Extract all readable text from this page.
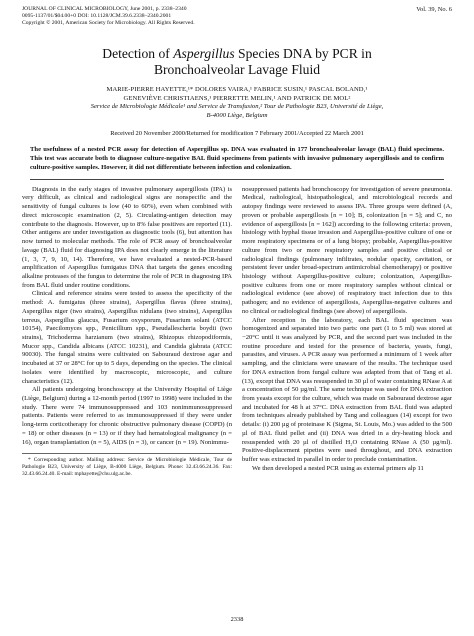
JOURNAL OF CLINICAL MICROBIOLOGY, June 2001, p. 2338–2340
0095-1137/01/$04.00+0 DOI: 10.1128/JCM.39.6.2338–2340.2001
Copyright © 2001, American Society for Microbiology. All Rights Reserved.
Vol. 39, No. 6
Detection of Aspergillus Species DNA by PCR in
Bronchoalveolar Lavage Fluid
MARIE-PIERRE HAYETTE,¹* DOLORES VAIRA,¹ FABRICE SUSIN,¹ PASCAL BOLAND,¹
GENEVIÈVE CHRISTIAENS,¹ PIERRETTE MELIN,¹ AND PATRICK DE MOL²
Service de Microbiologie Médicale¹ and Service de Transfusion,² Tour de Pathologie B23, Université de Liège,
B-4000 Liège, Belgium
Received 20 November 2000/Returned for modification 7 February 2001/Accepted 22 March 2001
The usefulness of a nested PCR assay for detection of Aspergillus sp. DNA was evaluated in 177 bronchoalveolar lavage (BAL) fluid specimens. This test was accurate both to diagnose culture-negative BAL fluid specimens from patients with invasive pulmonary aspergillosis and to confirm culture-positive samples. However, it did not differentiate between infection and colonization.

Diagnosis in the early stages of invasive pulmonary aspergillosis (IPA) is very difficult, as clinical and radiological signs are nonspecific and the sensitivity of fungal cultures is low (40 to 60%), even when combined with direct microscopic examination (2, 5). Circulating-antigen detection may contribute to the diagnosis. However, up to 8% false positives are reported (11). Other antigens are under investigation as diagnostic tools (6), but attention has now turned to molecular methods. The role of PCR assay of bronchoalveolar lavage (BAL) fluid for diagnosing IPA does not clearly emerge in the literature (1, 3, 7, 9, 10, 14). Therefore, we have evaluated a nested-PCR-based amplification of Aspergillus fumigatus DNA that targets the genes encoding alkaline proteases of the fungus to determine the role of PCR in diagnosing IPA from BAL fluid under routine conditions.

Clinical and reference strains were tested to assess the specificity of the method: A. fumigatus (three strains), Aspergillus flavus (three strains), Aspergillus niger (two strains), Aspergillus nidulans (two strains), Aspergillus terreus, Aspergillus glaucus, Fusarium oxysporum, Fusarium solani (ATCC 10154), Paecilomyces spp., Penicillium spp., Pseudallescheria boydii (two strains), Trichoderma harzianum (two strains), Rhizopus rhizopodiformis, Mucor spp., Candida albicans (ATCC 10231), and Candida glabrata (ATCC 90030). The fungal strains were cultivated on Sabouraud dextrose agar and incubated at 37 or 28°C for up to 5 days, depending on the species. The clinical isolates were identified by macroscopic, microscopic, and culture characteristics (12).

All patients undergoing bronchoscopy at the University Hospital of Liège (Liège, Belgium) during a 12-month period (1997 to 1998) were included in the study. There were 74 immunosuppressed and 103 nonimmunosuppressed patients. Patients were referred to as immunosuppressed if they were under long-term corticotherapy for chronic obstructive pulmonary disease (COPD) (n = 18) or other diseases (n = 13) or if they had hematological malignancy (n = 16), organ transplantation (n = 5), AIDS (n = 3), or cancer (n = 19). Nonimmu-

* Corresponding author. Mailing address: Service de Microbiologie Médicale, Tour de Pathologie B23, University of Liège, B-4000 Liège, Belgium. Phone: 32.43.66.24.36. Fax: 32.43.66.24.40. E-mail: mphayette@chu.ulg.ac.be.

nosuppressed patients had bronchoscopy for investigation of severe pneumonia. Medical, radiological, histopathological, and microbiological records and autopsy findings were reviewed to assess IPA. Three groups were defined (A, proven or probable aspergillosis [n = 10]; B, colonization [n = 5]; and C, no evidence of aspergillosis [n = 162]) according to the following criteria: proven, histology with hyphal tissue invasion and Aspergillus-positive culture of one or more respiratory specimens or of a lung biopsy; probable, Aspergillus-positive culture from two or more respiratory samples and positive clinical or radiological findings (pulmonary infiltrates, nodular opacity, cavitation, or persistent fever under broad-spectrum antimicrobial chemotherapy) or positive histology without Aspergillus-positive culture; colonization, Aspergillus-positive cultures from one or more respiratory samples without clinical or radiological evidence (see above) of respiratory tract infection due to this pathogen; and no evidence of aspergillosis, Aspergillus-negative cultures and no clinical or radiological findings (see above) of aspergillosis.

After reception in the laboratory, each BAL fluid specimen was homogenized and separated into two parts: one part (1 to 5 ml) was stored at −20°C until it was analyzed by PCR, and the second part was included in the routine procedure and tested for the presence of bacteria, yeasts, fungi, parasites, and viruses. A PCR assay was performed a minimum of 1 week after sampling, and the clinicians were unaware of the results. The technique used for DNA extraction from fungal culture was adapted from that of Tang et al. (13), except that DNA was resuspended in 30 µl of water containing RNase A at a concentration of 50 µg/ml. The same technique was used for DNA extraction from yeasts except for the culture, which was made on Sabouraud dextrose agar and incubated for 48 h at 37°C. DNA extraction from BAL fluid was adapted from techniques already published by Tang and colleagues (14) except for two details: (i) 200 µg of proteinase K (Sigma, St. Louis, Mo.) was added to the 500 µl of BAL fluid pellet and (ii) DNA was dried in a dry-heating block and resuspended with 20 µl of distilled H₂O containing RNase A (50 µg/ml). Positive-displacement pipettes were used throughout, and DNA extraction buffer was extracted in parallel in order to preclude contamination.

We then developed a nested PCR using as external primers alp 11

2338
